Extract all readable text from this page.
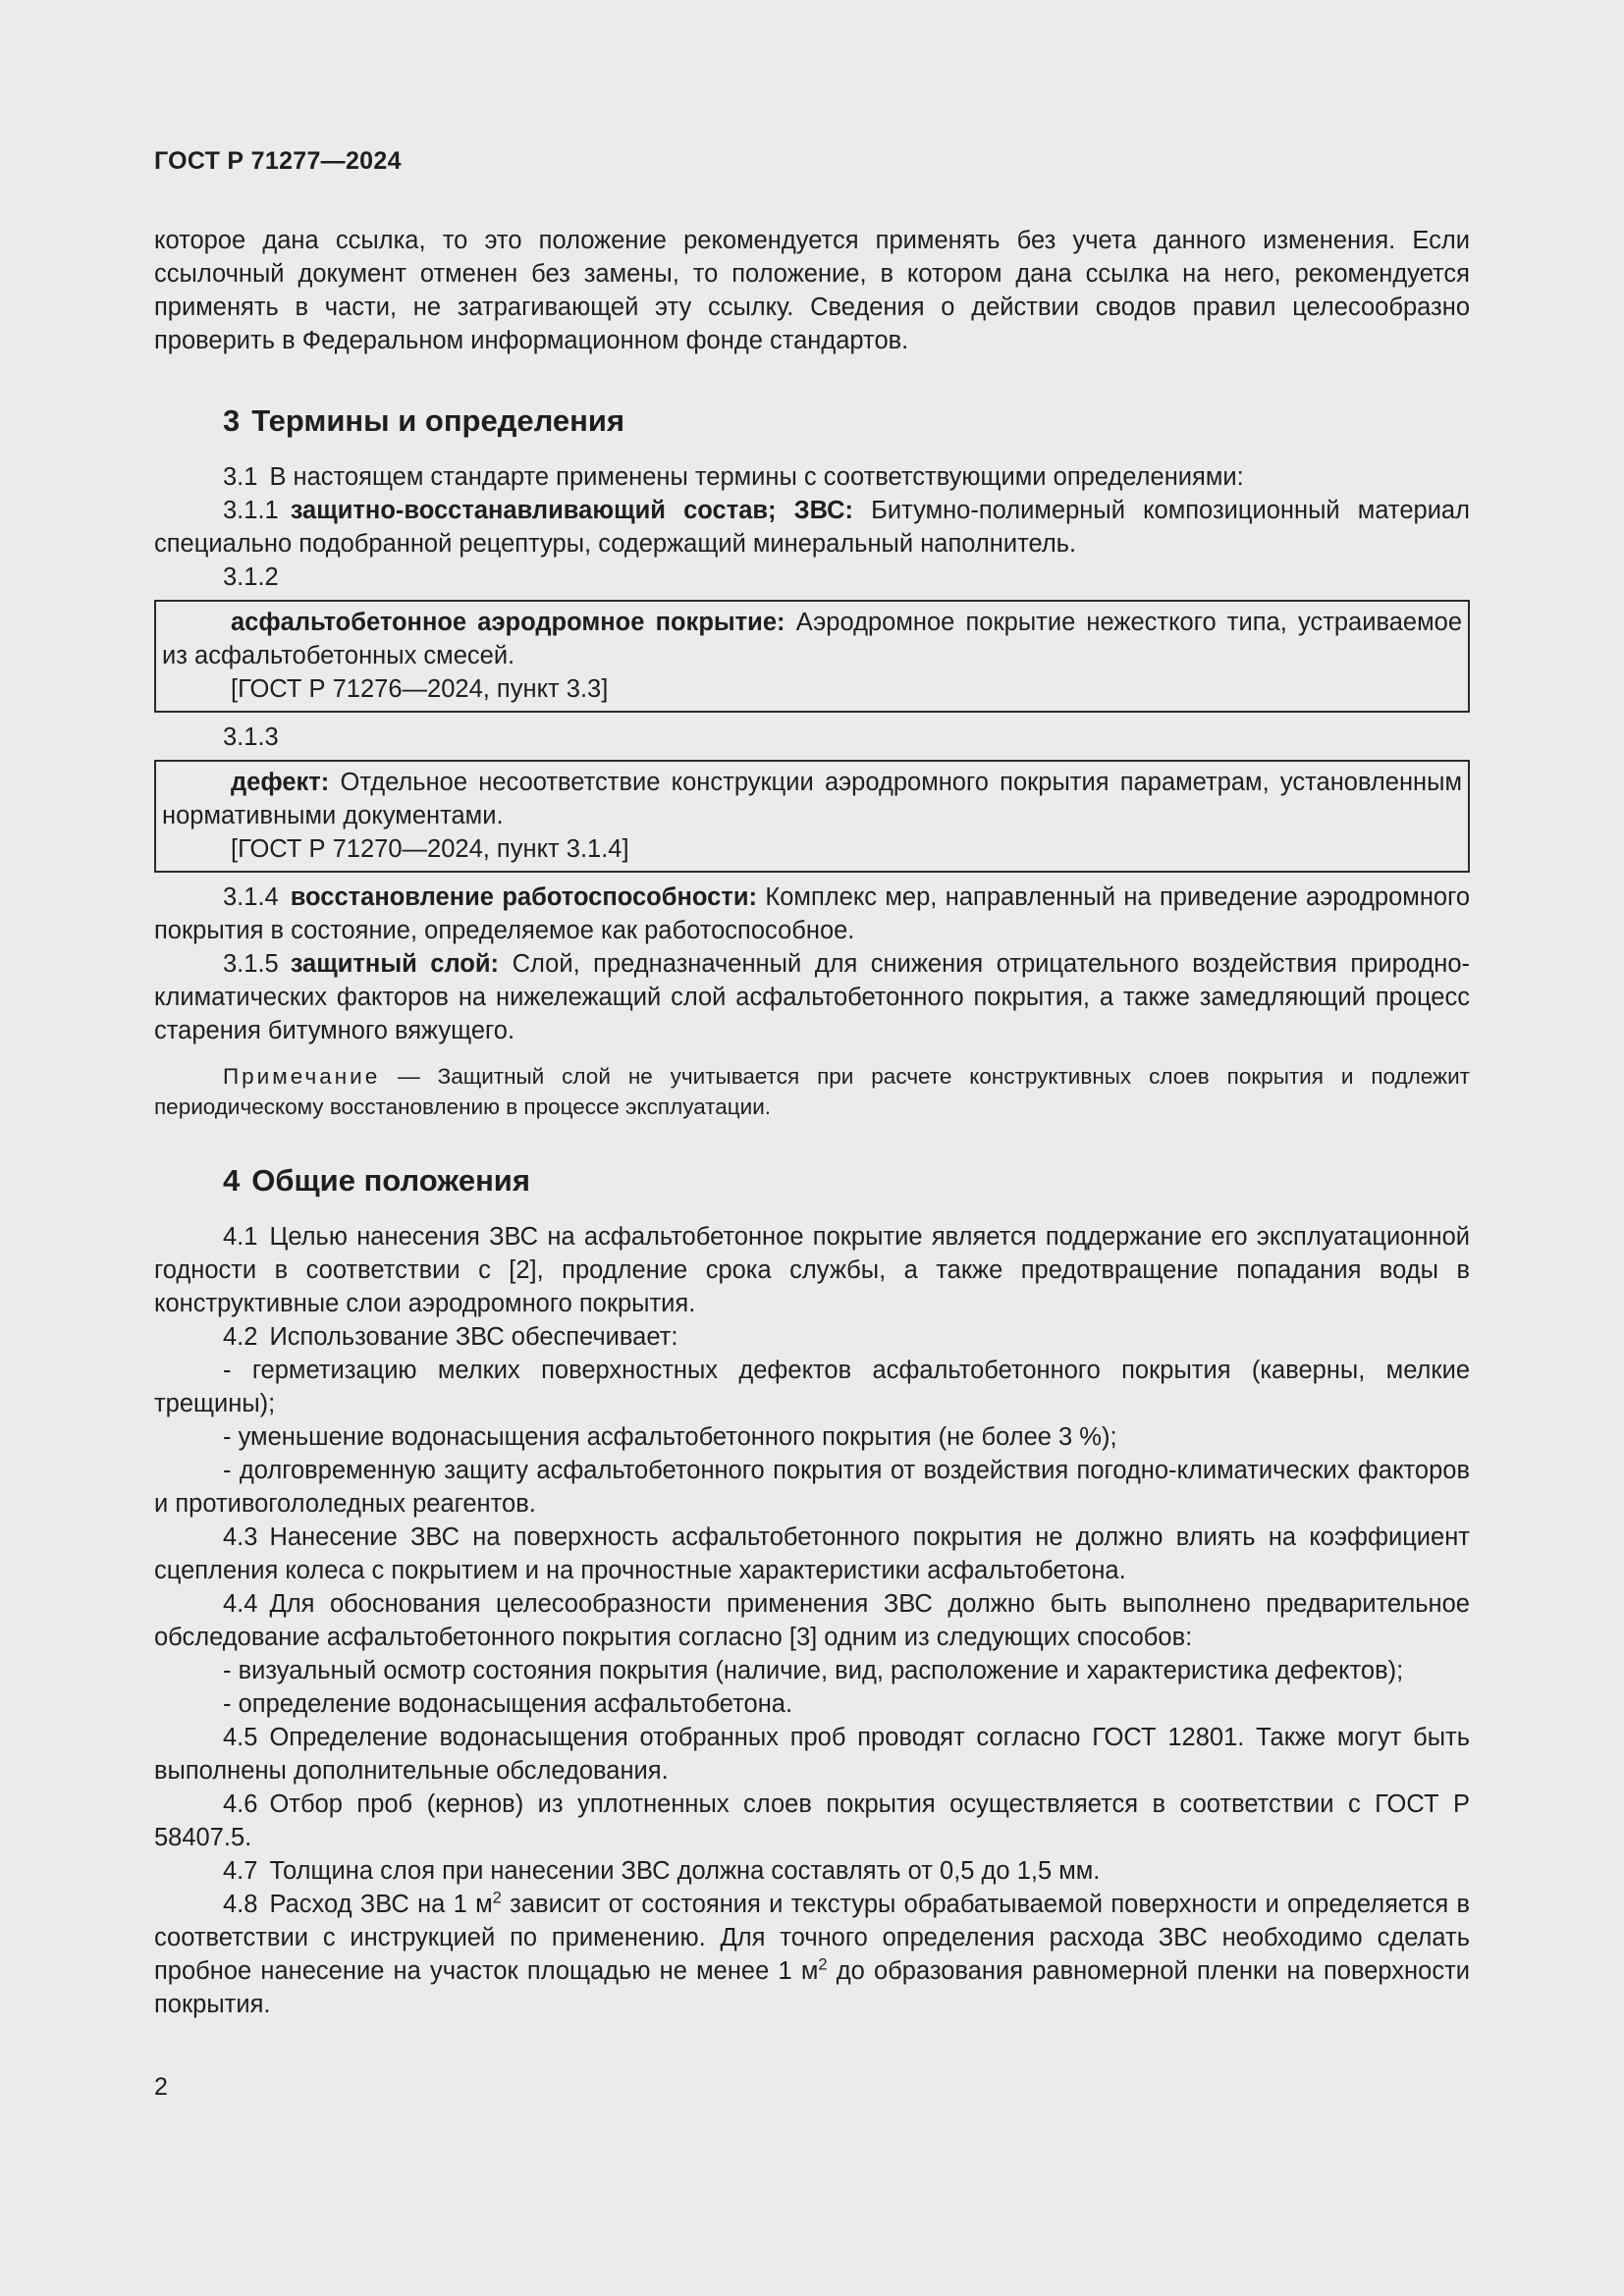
ГОСТ Р 71277—2024

которое дана ссылка, то это положение рекомендуется применять без учета данного изменения. Если ссылочный документ отменен без замены, то положение, в котором дана ссылка на него, рекомендуется применять в части, не затрагивающей эту ссылку. Сведения о действии сводов правил целесообразно проверить в Федеральном информационном фонде стандартов.

3 Термины и определения

3.1 В настоящем стандарте применены термины с соответствующими определениями:

3.1.1 защитно-восстанавливающий состав; ЗВС: Битумно-полимерный композиционный материал специально подобранной рецептуры, содержащий минеральный наполнитель.

3.1.2

асфальтобетонное аэродромное покрытие: Аэродромное покрытие нежесткого типа, устраиваемое из асфальтобетонных смесей.

[ГОСТ Р 71276—2024, пункт 3.3]

3.1.3

дефект: Отдельное несоответствие конструкции аэродромного покрытия параметрам, установленным нормативными документами.

[ГОСТ Р 71270—2024, пункт 3.1.4]

3.1.4 восстановление работоспособности: Комплекс мер, направленный на приведение аэродромного покрытия в состояние, определяемое как работоспособное.

3.1.5 защитный слой: Слой, предназначенный для снижения отрицательного воздействия природно-климатических факторов на нижележащий слой асфальтобетонного покрытия, а также замедляющий процесс старения битумного вяжущего.

Примечание — Защитный слой не учитывается при расчете конструктивных слоев покрытия и подлежит периодическому восстановлению в процессе эксплуатации.

4 Общие положения

4.1 Целью нанесения ЗВС на асфальтобетонное покрытие является поддержание его эксплуатационной годности в соответствии с [2], продление срока службы, а также предотвращение попадания воды в конструктивные слои аэродромного покрытия.

4.2 Использование ЗВС обеспечивает:

- герметизацию мелких поверхностных дефектов асфальтобетонного покрытия (каверны, мелкие трещины);

- уменьшение водонасыщения асфальтобетонного покрытия (не более 3 %);

- долговременную защиту асфальтобетонного покрытия от воздействия погодно-климатических факторов и противогололедных реагентов.

4.3 Нанесение ЗВС на поверхность асфальтобетонного покрытия не должно влиять на коэффициент сцепления колеса с покрытием и на прочностные характеристики асфальтобетона.

4.4 Для обоснования целесообразности применения ЗВС должно быть выполнено предварительное обследование асфальтобетонного покрытия согласно [3] одним из следующих способов:

- визуальный осмотр состояния покрытия (наличие, вид, расположение и характеристика дефектов);

- определение водонасыщения асфальтобетона.

4.5 Определение водонасыщения отобранных проб проводят согласно ГОСТ 12801. Также могут быть выполнены дополнительные обследования.

4.6 Отбор проб (кернов) из уплотненных слоев покрытия осуществляется в соответствии с ГОСТ Р 58407.5.

4.7 Толщина слоя при нанесении ЗВС должна составлять от 0,5 до 1,5 мм.

4.8 Расход ЗВС на 1 $м^2$ зависит от состояния и текстуры обрабатываемой поверхности и определяется в соответствии с инструкцией по применению. Для точного определения расхода ЗВС необходимо сделать пробное нанесение на участок площадью не менее 1 $м^2$ до образования равномерной пленки на поверхности покрытия.

2
